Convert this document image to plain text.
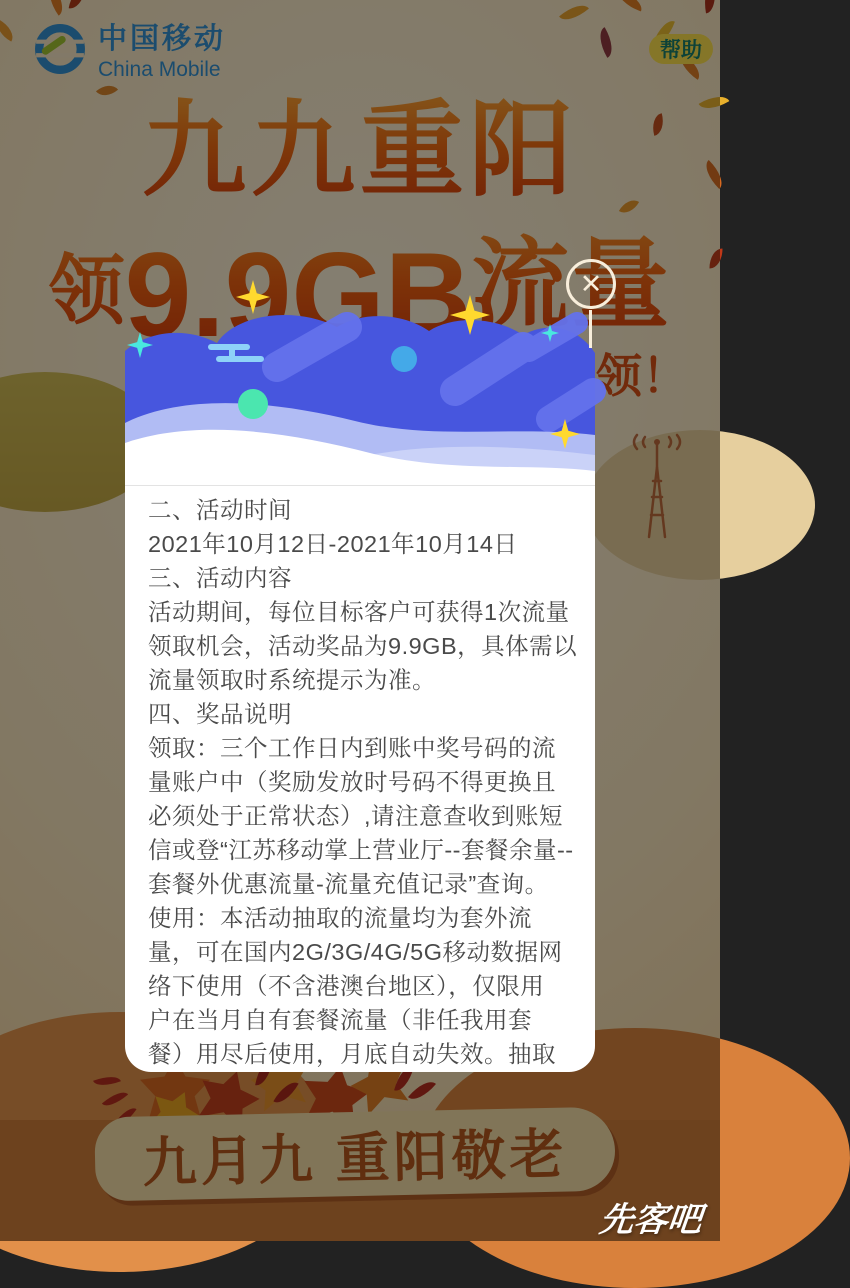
✕
二、活动时间
2021年10月12日-2021年10月14日
三、活动内容
活动期间，每位目标客户可获得1次流量
领取机会，活动奖品为9.9GB，具体需以
流量领取时系统提示为准。
四、奖品说明
领取：三个工作日内到账中奖号码的流
量账户中（奖励发放时号码不得更换且
必须处于正常状态）,请注意查收到账短
信或登“江苏移动掌上营业厅--套餐余量--
套餐外优惠流量-流量充值记录”查询。
使用：本活动抽取的流量均为套外流
量，可在国内2G/3G/4G/5G移动数据网
络下使用（不含港澳台地区），仅限用
户在当月自有套餐流量（非任我用套
餐）用尽后使用，月底自动失效。抽取
先客吧
